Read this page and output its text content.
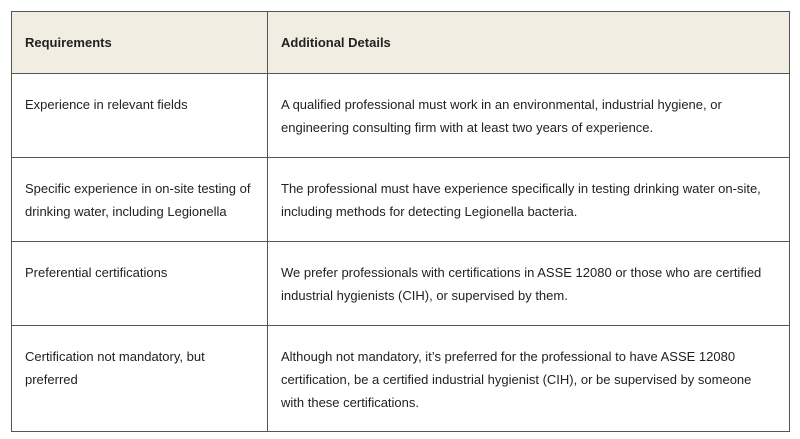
Requirements	Additional Details
Experience in relevant fields	A qualified professional must work in an environmental, industrial hygiene, or engineering consulting firm with at least two years of experience.
Specific experience in on-site testing of drinking water, including Legionella	The professional must have experience specifically in testing drinking water on-site, including methods for detecting Legionella bacteria.
Preferential certifications	We prefer professionals with certifications in ASSE 12080 or those who are certified industrial hygienists (CIH), or supervised by them.
Certification not mandatory, but preferred	Although not mandatory, it’s preferred for the professional to have ASSE 12080 certification, be a certified industrial hygienist (CIH), or be supervised by someone with these certifications.
